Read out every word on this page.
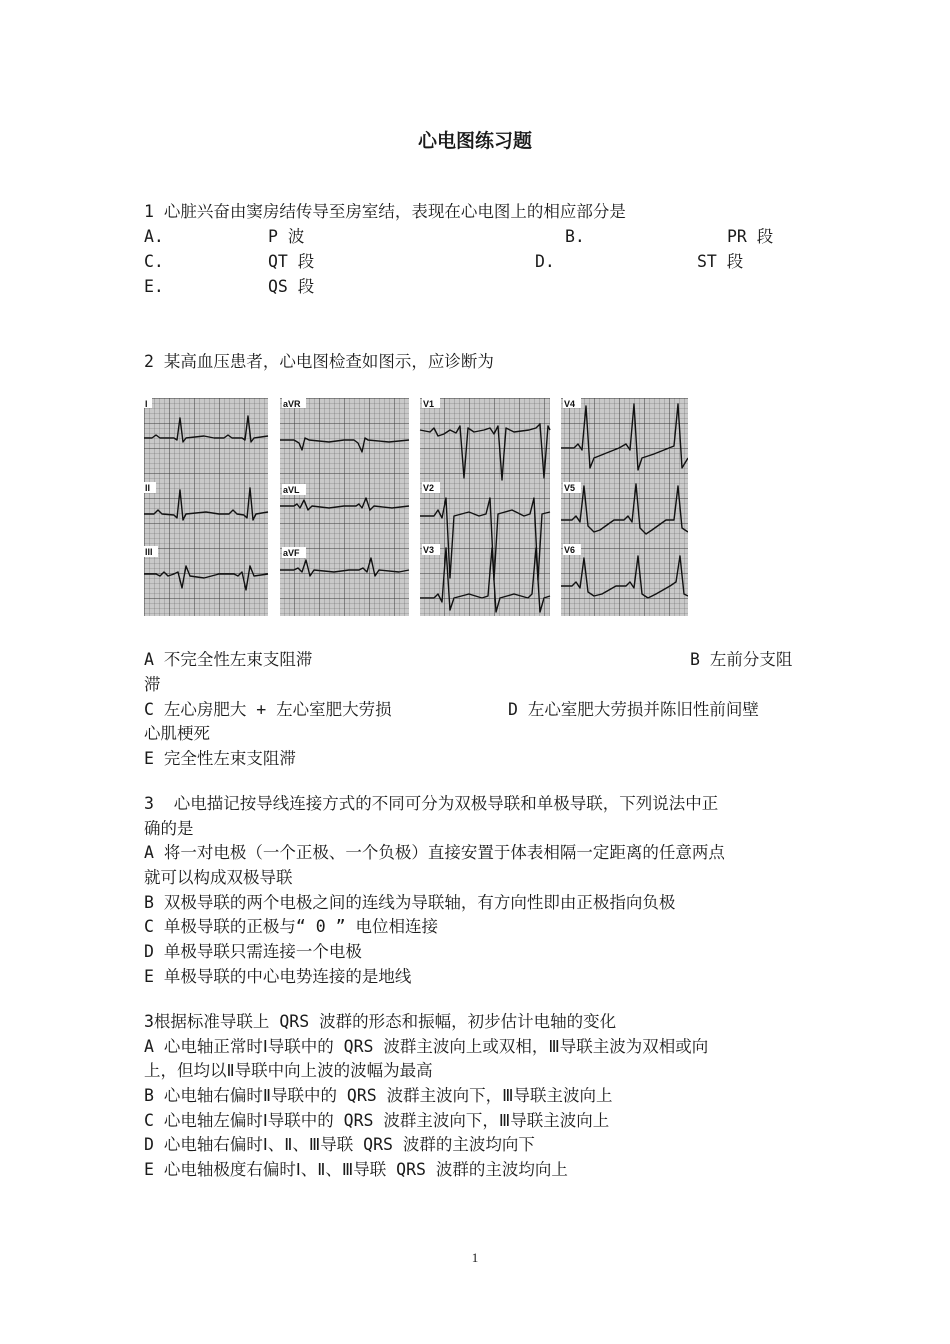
心电图练习题
1 心脏兴奋由窦房结传导至房室结，表现在心电图上的相应部分是
A.	P 波	B.	PR 段
C.	QT 段	D.	ST 段
E.	QS 段
2 某高血压患者，心电图检查如图示，应诊断为
I	aVR	V1	V4
II	aVL	V2	V5
III	aVF	V3	V6
A 不完全性左束支阻滞	B 左前分支阻
滞
C 左心房肥大 + 左心室肥大劳损	D 左心室肥大劳损并陈旧性前间壁
心肌梗死
E 完全性左束支阻滞
3  心电描记按导线连接方式的不同可分为双极导联和单极导联，下列说法中正
确的是
A 将一对电极（一个正极、一个负极）直接安置于体表相隔一定距离的任意两点
就可以构成双极导联
B 双极导联的两个电极之间的连线为导联轴，有方向性即由正极指向负极
C 单极导联的正极与“ 0 ” 电位相连接
D 单极导联只需连接一个电极
E 单极导联的中心电势连接的是地线
3根据标准导联上 QRS 波群的形态和振幅，初步估计电轴的变化
A 心电轴正常时Ⅰ导联中的 QRS 波群主波向上或双相，Ⅲ导联主波为双相或向
上，但均以Ⅱ导联中向上波的波幅为最高
B 心电轴右偏时Ⅱ导联中的 QRS 波群主波向下，Ⅲ导联主波向上
C 心电轴左偏时Ⅰ导联中的 QRS 波群主波向下，Ⅲ导联主波向上
D 心电轴右偏时Ⅰ、Ⅱ、Ⅲ导联 QRS 波群的主波均向下
E 心电轴极度右偏时Ⅰ、Ⅱ、Ⅲ导联 QRS 波群的主波均向上
1
